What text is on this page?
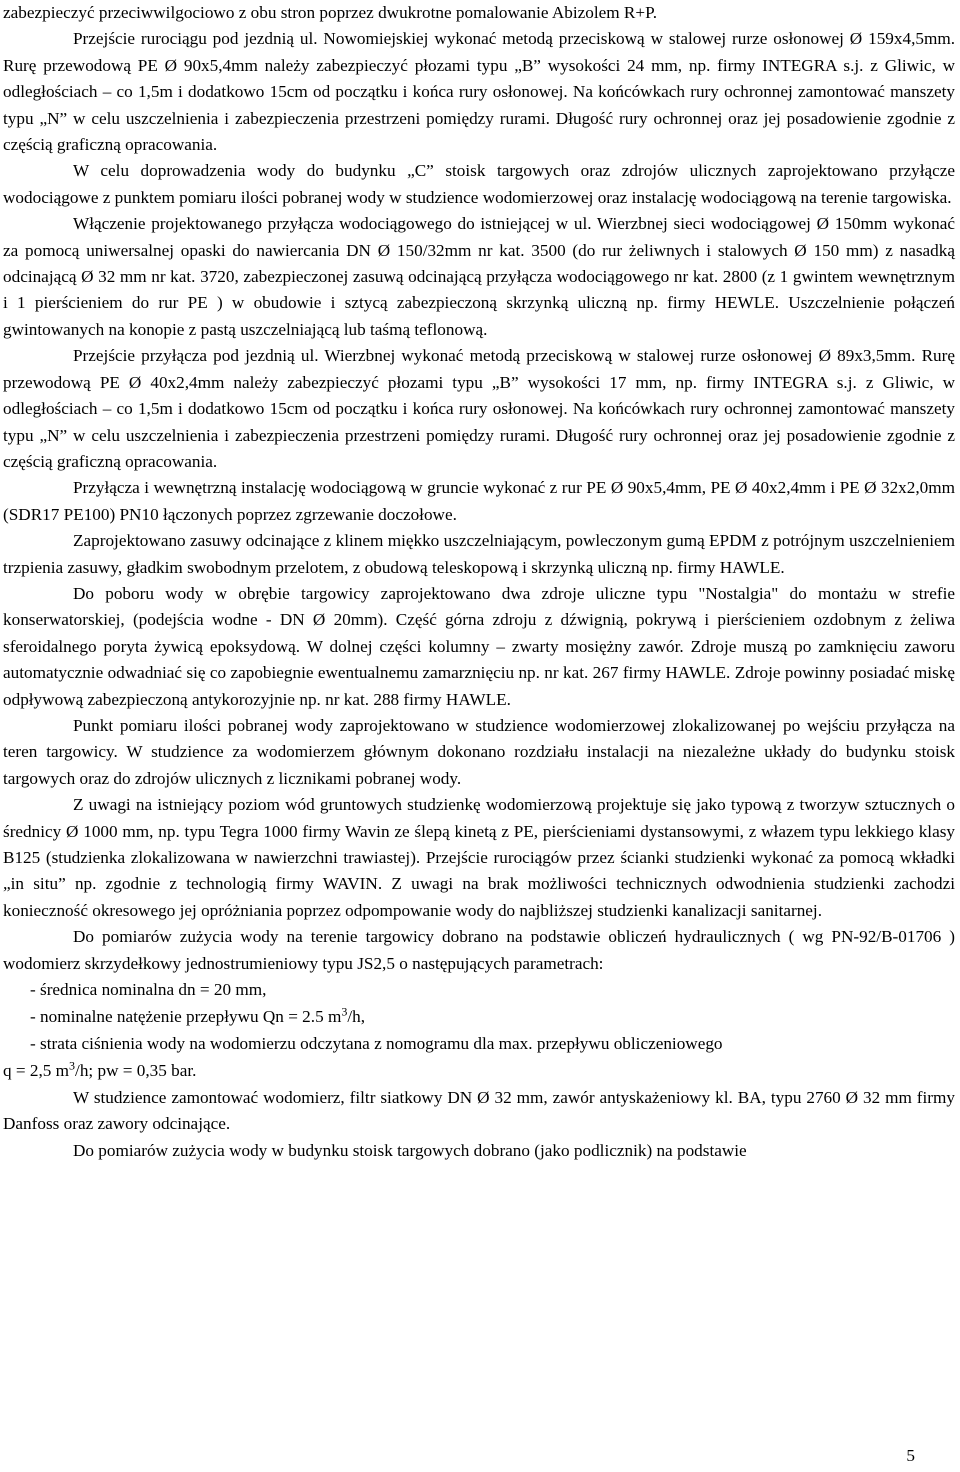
zabezpieczyć przeciwwilgociowo z obu stron poprzez dwukrotne pomalowanie Abizolem R+P.

Przejście rurociągu pod jezdnią ul. Nowomiejskiej wykonać metodą przeciskową w stalowej rurze osłonowej Ø 159x4,5mm. Rurę przewodową PE Ø 90x5,4mm należy zabezpieczyć płozami typu „B” wysokości 24 mm, np. firmy INTEGRA s.j. z Gliwic, w odległościach – co 1,5m i dodatkowo 15cm od początku i końca rury osłonowej. Na końcówkach rury ochronnej zamontować manszety typu „N” w celu uszczelnienia i zabezpieczenia przestrzeni pomiędzy rurami. Długość rury ochronnej oraz jej posadowienie zgodnie z częścią graficzną opracowania.

W celu doprowadzenia wody do budynku „C” stoisk targowych oraz zdrojów ulicznych zaprojektowano przyłącze wodociągowe z punktem pomiaru ilości pobranej wody w studzience wodomierzowej oraz instalację wodociągową na terenie targowiska.

Włączenie projektowanego przyłącza wodociągowego do istniejącej w ul. Wierzbnej sieci wodociągowej Ø 150mm wykonać za pomocą uniwersalnej opaski do nawiercania DN Ø 150/32mm nr kat. 3500 (do rur żeliwnych i stalowych Ø 150 mm) z nasadką odcinającą Ø 32 mm nr kat. 3720, zabezpieczonej zasuwą odcinającą przyłącza wodociągowego nr kat. 2800 (z 1 gwintem wewnętrznym i 1 pierścieniem do rur PE ) w obudowie i sztycą zabezpieczoną skrzynką uliczną np. firmy HEWLE. Uszczelnienie połączeń gwintowanych na konopie z pastą uszczelniającą lub taśmą teflonową.

Przejście przyłącza pod jezdnią ul. Wierzbnej wykonać metodą przeciskową w stalowej rurze osłonowej Ø 89x3,5mm. Rurę przewodową PE Ø 40x2,4mm należy zabezpieczyć płozami typu „B” wysokości 17 mm, np. firmy INTEGRA s.j. z Gliwic, w odległościach – co 1,5m i dodatkowo 15cm od początku i końca rury osłonowej. Na końcówkach rury ochronnej zamontować manszety typu „N” w celu uszczelnienia i zabezpieczenia przestrzeni pomiędzy rurami. Długość rury ochronnej oraz jej posadowienie zgodnie z częścią graficzną opracowania.

Przyłącza i wewnętrzną instalację wodociągową w gruncie wykonać z rur PE Ø 90x5,4mm, PE Ø 40x2,4mm i PE Ø 32x2,0mm (SDR17 PE100) PN10 łączonych poprzez zgrzewanie doczołowe.

Zaprojektowano zasuwy odcinające z klinem miękko uszczelniającym, powleczonym gumą EPDM z potrójnym uszczelnieniem trzpienia zasuwy, gładkim swobodnym przelotem, z obudową teleskopową i skrzynką uliczną np. firmy HAWLE.

Do poboru wody w obrębie targowicy zaprojektowano dwa zdroje uliczne typu "Nostalgia" do montażu w strefie konserwatorskiej, (podejścia wodne - DN Ø 20mm). Część górna zdroju z dźwignią, pokrywą i pierścieniem ozdobnym z żeliwa sferoidalnego poryta żywicą epoksydową. W dolnej części kolumny – zwarty mosiężny zawór. Zdroje muszą po zamknięciu zaworu automatycznie odwadniać się co zapobiegnie ewentualnemu zamarznięciu np. nr kat. 267 firmy HAWLE. Zdroje powinny posiadać miskę odpływową zabezpieczoną antykorozyjnie np. nr kat. 288 firmy HAWLE.

Punkt pomiaru ilości pobranej wody zaprojektowano w studzience wodomierzowej zlokalizowanej po wejściu przyłącza na teren targowicy. W studzience za wodomierzem głównym dokonano rozdziału instalacji na niezależne układy do budynku stoisk targowych oraz do zdrojów ulicznych z licznikami pobranej wody.

Z uwagi na istniejący poziom wód gruntowych studzienkę wodomierzową projektuje się jako typową z tworzyw sztucznych o średnicy Ø 1000 mm, np. typu Tegra 1000 firmy Wavin ze ślepą kinetą z PE, pierścieniami dystansowymi, z włazem typu lekkiego klasy B125 (studzienka zlokalizowana w nawierzchni trawiastej). Przejście rurociągów przez ścianki studzienki wykonać za pomocą wkładki „in situ” np. zgodnie z technologią firmy WAVIN. Z uwagi na brak możliwości technicznych odwodnienia studzienki zachodzi konieczność okresowego jej opróżniania poprzez odpompowanie wody do najbliższej studzienki kanalizacji sanitarnej.

Do pomiarów zużycia wody na terenie targowicy dobrano na podstawie obliczeń hydraulicznych ( wg PN-92/B-01706 ) wodomierz skrzydełkowy jednostrumieniowy typu JS2,5 o następujących parametrach:

- średnica nominalna dn = 20 mm,

- nominalne natężenie przepływu Qn = 2.5 $m^3/h$,

- strata ciśnienia wody na wodomierzu odczytana z nomogramu dla max. przepływu obliczeniowego

q = 2,5 $m^3/h$; pw = 0,35 bar.

W studzience zamontować wodomierz, filtr siatkowy DN Ø 32 mm, zawór antyskażeniowy kl. BA, typu 2760 Ø 32 mm firmy Danfoss oraz zawory odcinające.

Do pomiarów zużycia wody w budynku stoisk targowych dobrano (jako podlicznik) na podstawie

5
